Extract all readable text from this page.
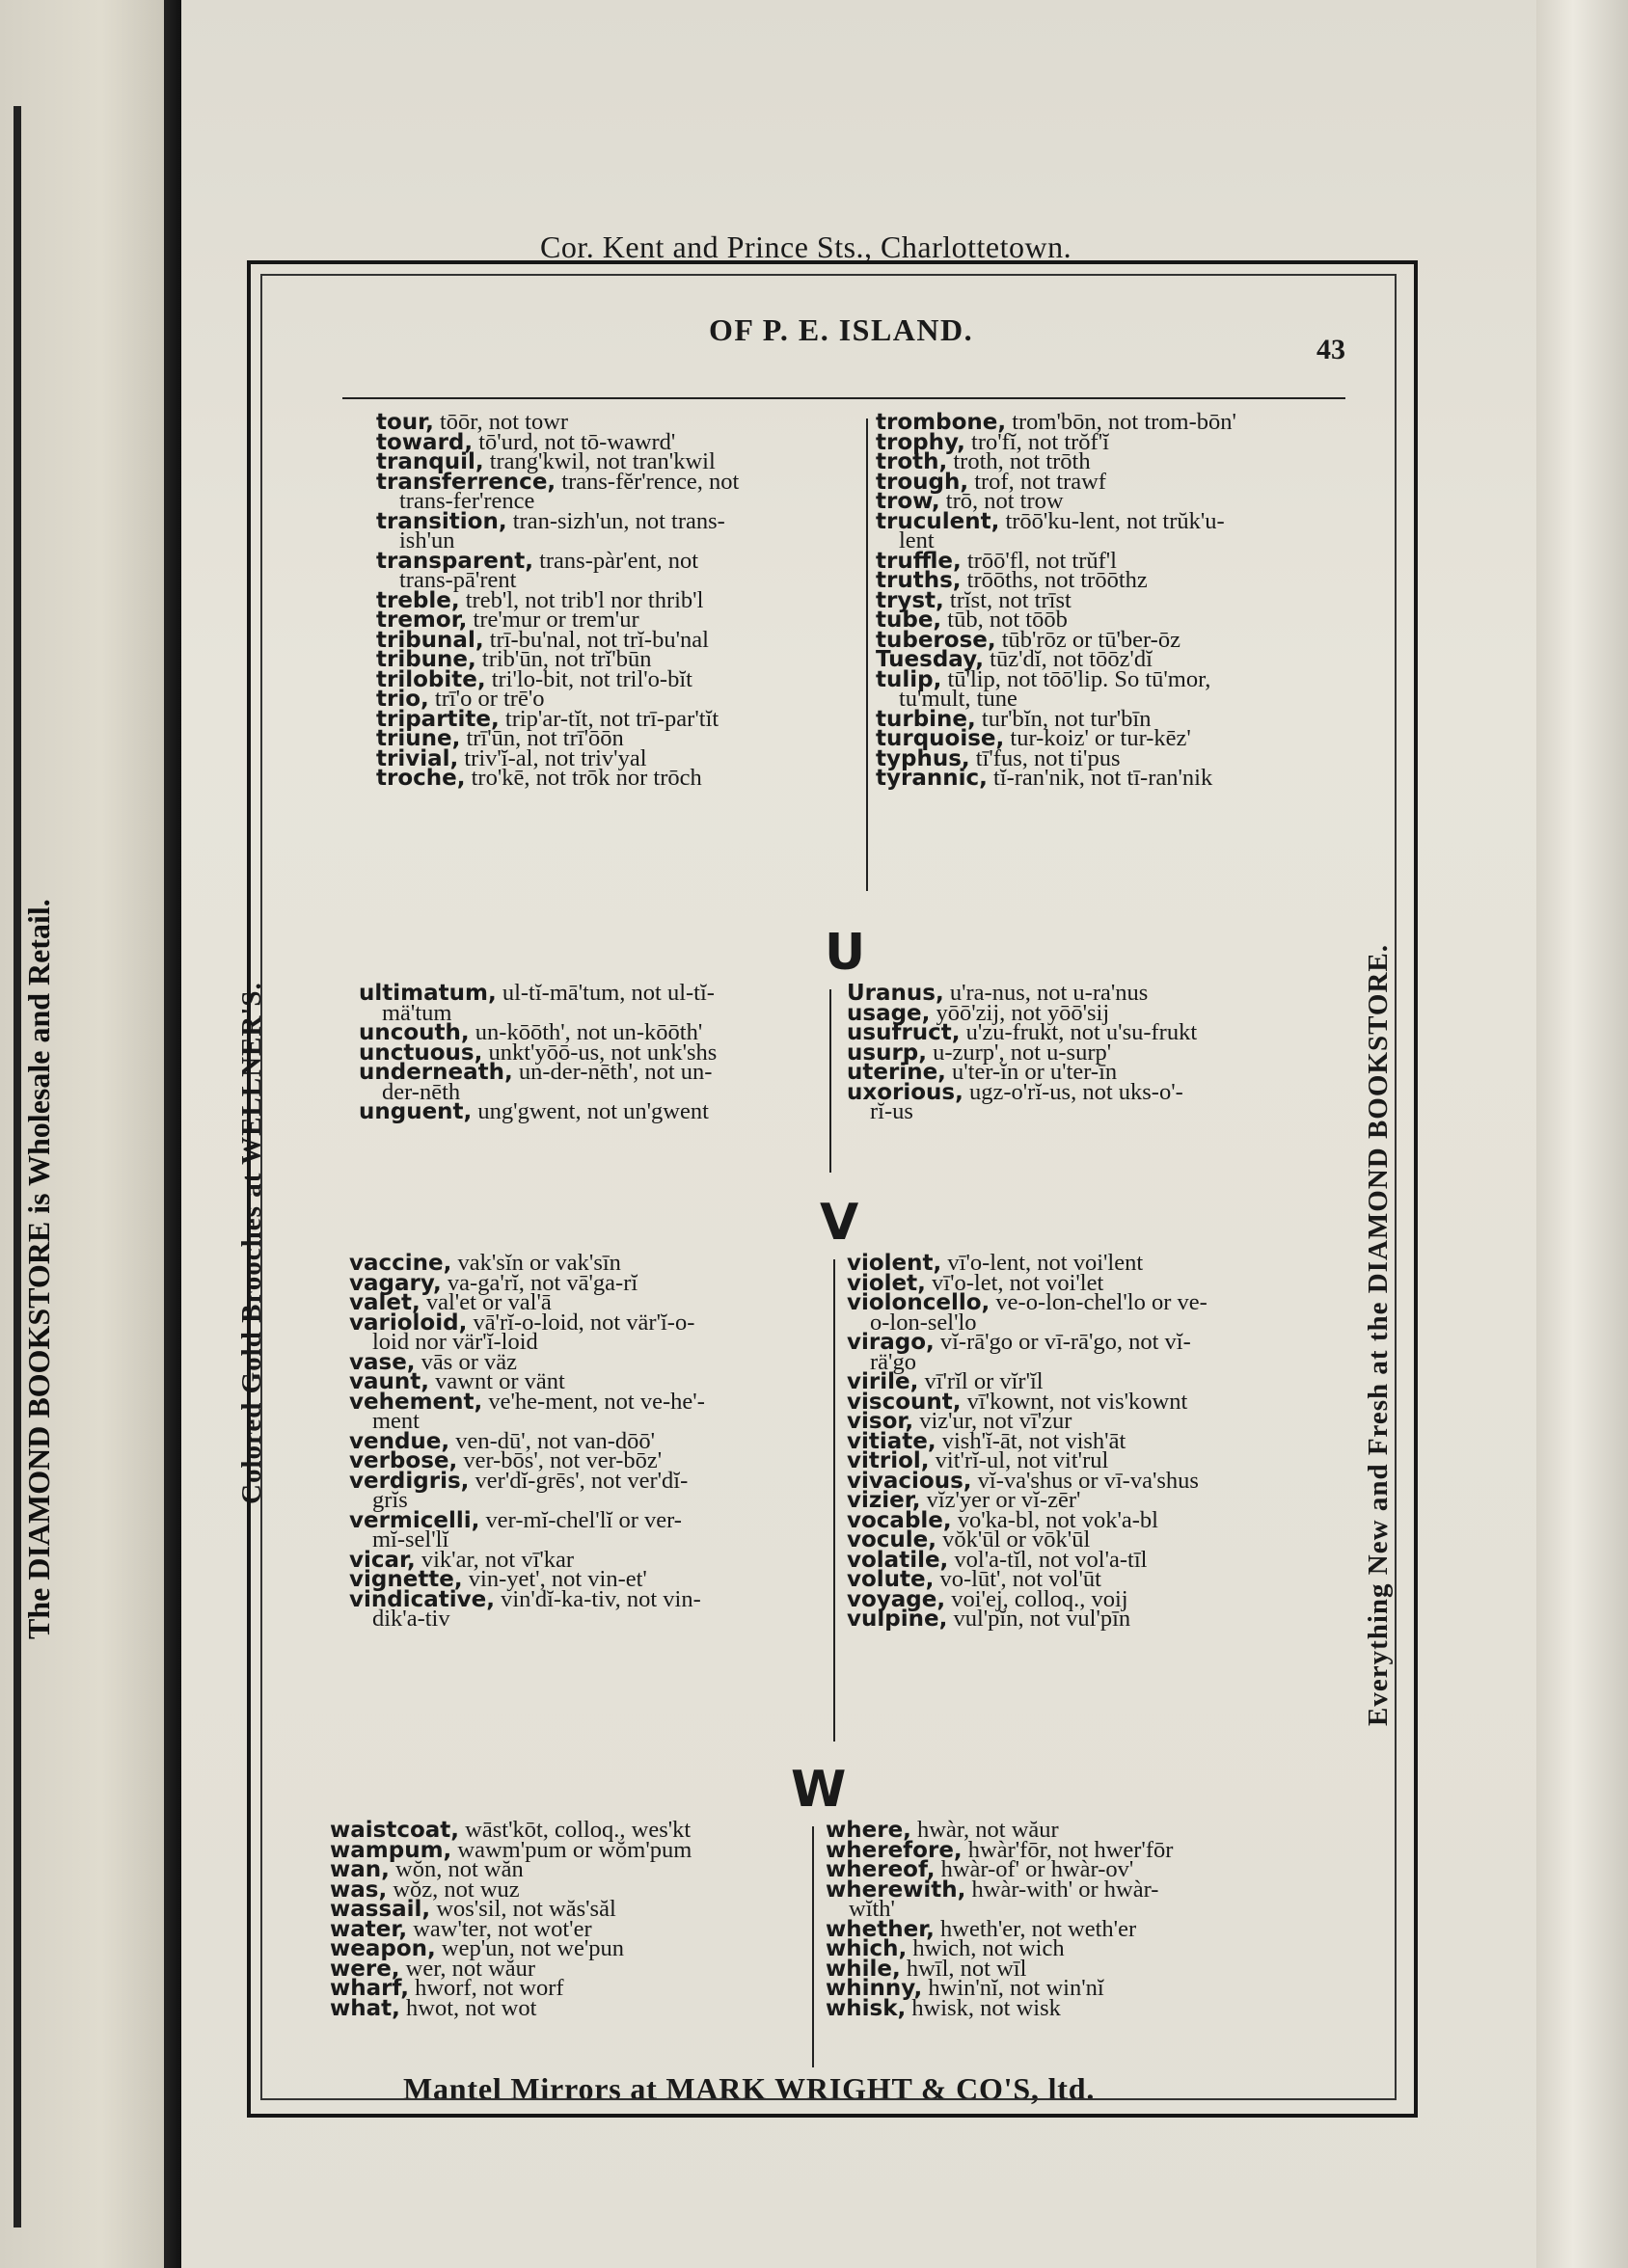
The DIAMOND BOOKSTORE is Wholesale and Retail.
Cor. Kent and Prince Sts., Charlottetown.
Mantel Mirrors at MARK WRIGHT & CO'S, ltd.
OF P. E. ISLAND.
43
tour, tōōr, not towr
toward, tō'urd, not tō-wawrd'
tranquil, trang'kwil, not tran'kwil
transferrence, trans-fĕr'rence, not
trans-fer'rence
transition, tran-sizh'un, not trans-
ish'un
transparent, trans-pàr'ent, not
trans-pā'rent
treble, treb'l, not trib'l nor thrib'l
tremor, tre'mur or trem'ur
tribunal, trī-bu'nal, not trĭ-bu'nal
tribune, trib'ūn, not trĭ'būn
trilobite, tri'lo-bit, not tril'o-bĭt
trio, trī'o or trē'o
tripartite, trip'ar-tĭt, not trī-par'tĭt
triune, trī'ūn, not trī'ōōn
trivial, triv'ĭ-al, not triv'yal
troche, tro'kē, not trōk nor trōch
trombone, trom'bōn, not trom-bōn'
trophy, tro'fĭ, not trŏf'ĭ
troth, troth, not trōth
trough, trof, not trawf
trow, trō, not trow
truculent, trōō'ku-lent, not trŭk'u-
lent
truffle, trōō'fl, not trŭf'l
truths, trōōths, not trōōthz
tryst, trĭst, not trīst
tube, tūb, not tōōb
tuberose, tūb'rōz or tū'ber-ōz
Tuesday, tūz'dĭ, not tōōz'dĭ
tulip, tū'lip, not tōō'lip. So tū'mor,
tu'mult, tune
turbine, tur'bĭn, not tur'bīn
turquoise, tur-koiz' or tur-kēz'
typhus, tī'fus, not ti'pus
tyrannic, tĭ-ran'nik, not tī-ran'nik
U
ultimatum, ul-tĭ-mā'tum, not ul-tĭ-
mä'tum
uncouth, un-kōōth', not un-kōōth'
unctuous, unkt'yōō-us, not unk'shs
underneath, un-der-nēth', not un-
der-nēth
unguent, ung'gwent, not un'gwent
Uranus, u'ra-nus, not u-ra'nus
usage, yōō'zij, not yōō'sij
usufruct, u'zu-frukt, not u'su-frukt
usurp, u-zurp', not u-surp'
uterine, u'ter-ĭn or u'ter-īn
uxorious, ugz-o'rĭ-us, not uks-o'-
rĭ-us
V
vaccine, vak'sĭn or vak'sīn
vagary, va-ga'rĭ, not vā'ga-rĭ
valet, val'et or val'ā
varioloid, vā'rĭ-o-loid, not vär'ĭ-o-
loid nor vär'ĭ-loid
vase, vās or väz
vaunt, vawnt or vänt
vehement, ve'he-ment, not ve-he'-
ment
vendue, ven-dū', not van-dōō'
verbose, ver-bōs', not ver-bōz'
verdigris, ver'dĭ-grēs', not ver'dĭ-
grĭs
vermicelli, ver-mĭ-chel'lĭ or ver-
mĭ-sel'lĭ
vicar, vik'ar, not vī'kar
vignette, vin-yet', not vin-et'
vindicative, vin'dĭ-ka-tiv, not vin-
dik'a-tiv
violent, vī'o-lent, not voi'lent
violet, vī'o-let, not voi'let
violoncello, ve-o-lon-chel'lo or ve-
o-lon-sel'lo
virago, vĭ-rā'go or vī-rā'go, not vĭ-
rä'go
virile, vī'rĭl or vĭr'ĭl
viscount, vī'kownt, not vis'kownt
visor, viz'ur, not vī'zur
vitiate, vish'ĭ-āt, not vish'āt
vitriol, vit'rĭ-ul, not vit'rul
vivacious, vĭ-va'shus or vī-va'shus
vizier, vĭz'yer or vĭ-zēr'
vocable, vo'ka-bl, not vok'a-bl
vocule, vŏk'ūl or vōk'ūl
volatile, vol'a-tĭl, not vol'a-tīl
volute, vo-lūt', not vol'ūt
voyage, voi'ej, colloq., voij
vulpine, vul'pĭn, not vul'pīn
W
waistcoat, wāst'kōt, colloq., wes'kt
wampum, wawm'pum or wŏm'pum
wan, wŏn, not wăn
was, wŏz, not wuz
wassail, wos'sil, not wăs'săl
water, waw'ter, not wot'er
weapon, wep'un, not we'pun
were, wer, not wăur
wharf, hworf, not worf
what, hwot, not wot
where, hwàr, not wăur
wherefore, hwàr'fōr, not hwer'fōr
whereof, hwàr-of' or hwàr-ov'
wherewith, hwàr-with' or hwàr-
wĭth'
whether, hweth'er, not weth'er
which, hwich, not wich
while, hwīl, not wīl
whinny, hwin'nĭ, not win'nĭ
whisk, hwisk, not wisk
